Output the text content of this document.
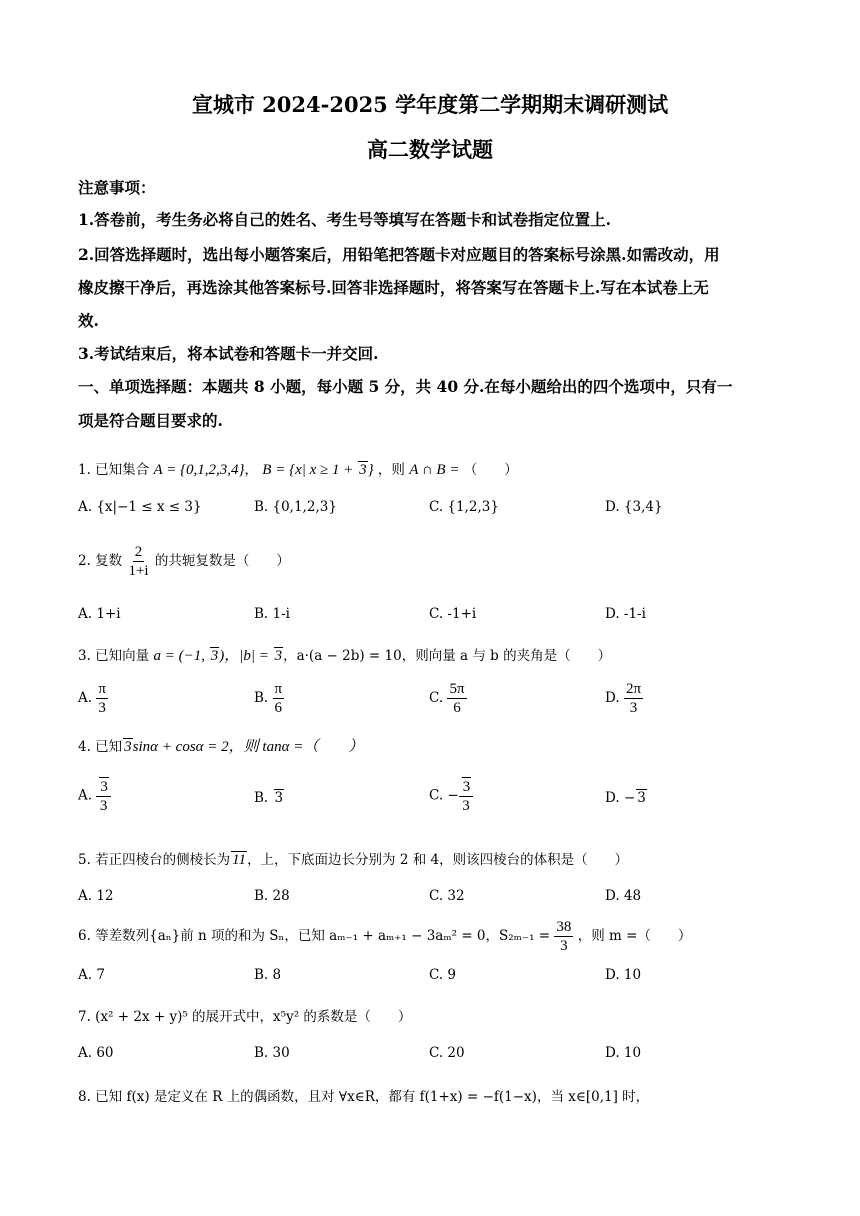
宣城市 2024-2025 学年度第二学期期末调研测试
高二数学试题
注意事项：
1.答卷前，考生务必将自己的姓名、考生号等填写在答题卡和试卷指定位置上.
2.回答选择题时，选出每小题答案后，用铅笔把答题卡对应题目的答案标号涂黑.如需改动，用
橡皮擦干净后，再选涂其他答案标号.回答非选择题时，将答案写在答题卡上.写在本试卷上无
效.
3.考试结束后，将本试卷和答题卡一并交回.
一、单项选择题：本题共 8 小题，每小题 5 分，共 40 分.在每小题给出的四个选项中，只有一
项是符合题目要求的.
1. 已知集合 A = {0,1,2,3,4}， B = {x| x ≥ 1 + 3} ，则 A ∩ B = （　　）
A. {x|−1 ≤ x ≤ 3}	B. {0,1,2,3}	C. {1,2,3}	D. {3,4}
2. 复数 $\frac{2}{1+i}$ 的共轭复数是（　　）
A. 1+i	B. 1-i	C. -1+i	D. -1-i
3. 已知向量 a = (−1, 3)，|b| = 3，a·(a − 2b) = 10，则向量 a 与 b 的夹角是（　　）
A. $\frac{\pi}{3}$	B. $\frac{\pi}{6}$	C. $\frac{5\pi}{6}$	D. $\frac{2\pi}{3}$
4. 已知 3sinα + cosα = 2，则 tanα =（　　）
A. $\frac{3}{3}$	B. 3	C. − $\frac{3}{3}$	D. − 3
5. 若正四棱台的侧棱长为 11，上，下底面边长分别为 2 和 4，则该四棱台的体积是（　　）
A. 12	B. 28	C. 32	D. 48
6. 等差数列{aₙ}前 n 项的和为 Sₙ，已知 aₘ₋₁ + aₘ₊₁ − 3aₘ² = 0，$S_{2m-1} = \frac{38}{3}$ ，则 m =（　　）
A. 7	B. 8	C. 9	D. 10
7. (x² + 2x + y)⁵ 的展开式中，x⁵y² 的系数是（　　）
A. 60	B. 30	C. 20	D. 10
8. 已知 f(x) 是定义在 R 上的偶函数，且对 ∀x∈R，都有 f(1+x) = −f(1−x)，当 x∈[0,1] 时，
